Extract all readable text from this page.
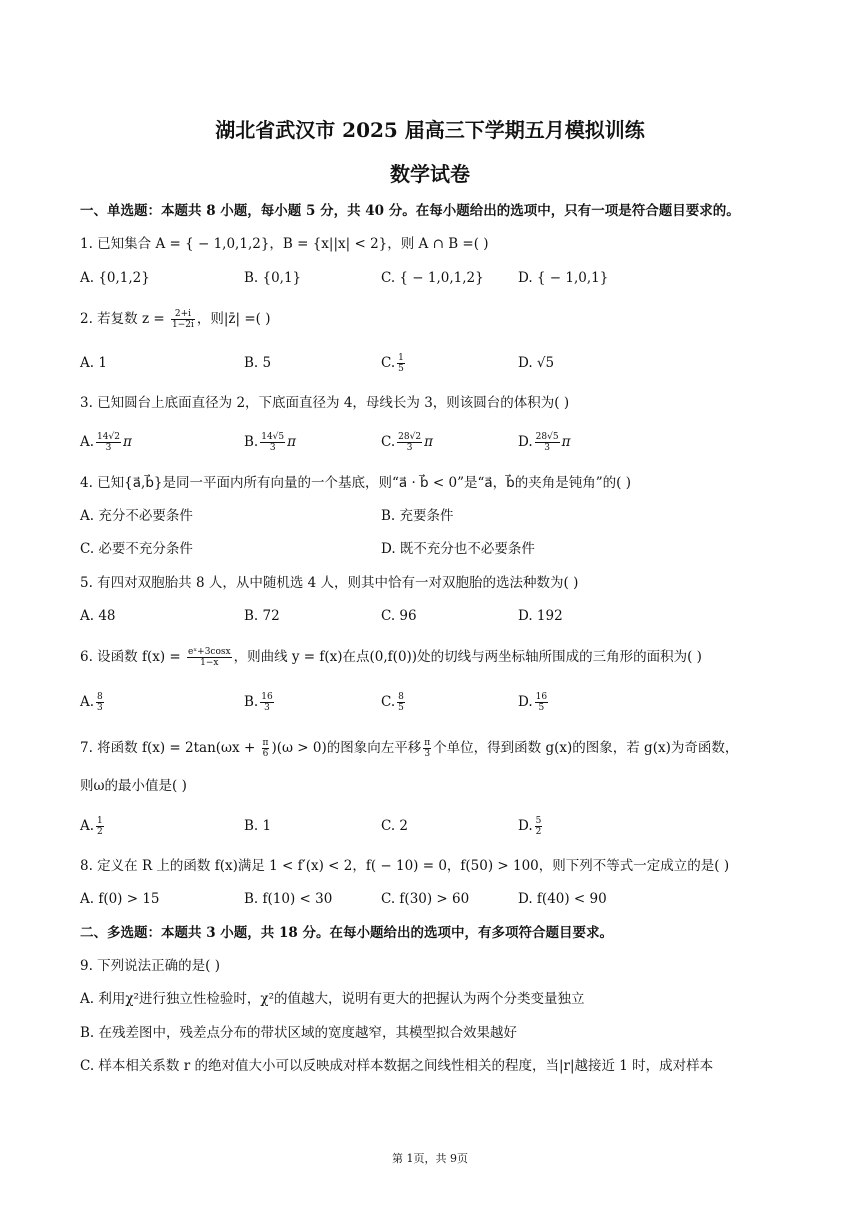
湖北省武汉市 2025 届高三下学期五月模拟训练
数学试卷
一、单选题：本题共 8 小题，每小题 5 分，共 40 分。在每小题给出的选项中，只有一项是符合题目要求的。
1. 已知集合 A = { − 1,0,1,2}，B = {x||x| < 2}，则 A ∩ B =( )
A. {0,1,2}	B. {0,1}	C. { − 1,0,1,2}	D. { − 1,0,1}
2. 若复数 $z = \frac{2+i}{1-2i}$ ，则|z̄| =( )
A. 1	B. 5	C. $\frac{1}{5}$	D. √5
3. 已知圆台上底面直径为 2，下底面直径为 4，母线长为 3，则该圆台的体积为( )
A. $\frac{14√2}{3}$ π	B. $\frac{14√5}{3}$ π	C. $\frac{28√2}{3}$ π	D. $\frac{28√5}{3}$ π
4. 已知{a⃗,b⃗}是同一平面内所有向量的一个基底，则“a⃗ · b⃗ < 0”是“a⃗，b⃗的夹角是钝角”的( )
A. 充分不必要条件	B. 充要条件
C. 必要不充分条件	D. 既不充分也不必要条件
5. 有四对双胞胎共 8 人，从中随机选 4 人，则其中恰有一对双胞胎的选法种数为( )
A. 48	B. 72	C. 96	D. 192
6. 设函数 $f(x) = \frac{\text{eˣ+3cosx}}{1-x}$ ，则曲线 y = f(x)在点(0,f(0))处的切线与两坐标轴所围成的三角形的面积为( )
A. $\frac{8}{3}$	B. $\frac{16}{3}$	C. $\frac{8}{5}$	D. $\frac{16}{5}$
7. 将函数 $f(x) = 2\tan(\omega x + \frac{\pi}{6} )(\omega > 0)$的图象向左平移 $\frac{\pi}{3}$ 个单位，得到函数 g(x)的图象，若 g(x)为奇函数，
则ω的最小值是( )
A. $\frac{1}{2}$	B. 1	C. 2	D. $\frac{5}{2}$
8. 定义在 R 上的函数 f(x)满足 1 < f′(x) < 2，f( − 10) = 0，f(50) > 100，则下列不等式一定成立的是( )
A. f(0) > 15	B. f(10) < 30	C. f(30) > 60	D. f(40) < 90
二、多选题：本题共 3 小题，共 18 分。在每小题给出的选项中，有多项符合题目要求。
9. 下列说法正确的是( )
A. 利用χ²进行独立性检验时，χ²的值越大，说明有更大的把握认为两个分类变量独立
B. 在残差图中，残差点分布的带状区域的宽度越窄，其模型拟合效果越好
C. 样本相关系数 r 的绝对值大小可以反映成对样本数据之间线性相关的程度，当|r|越接近 1 时，成对样本
第 1页，共 9页
